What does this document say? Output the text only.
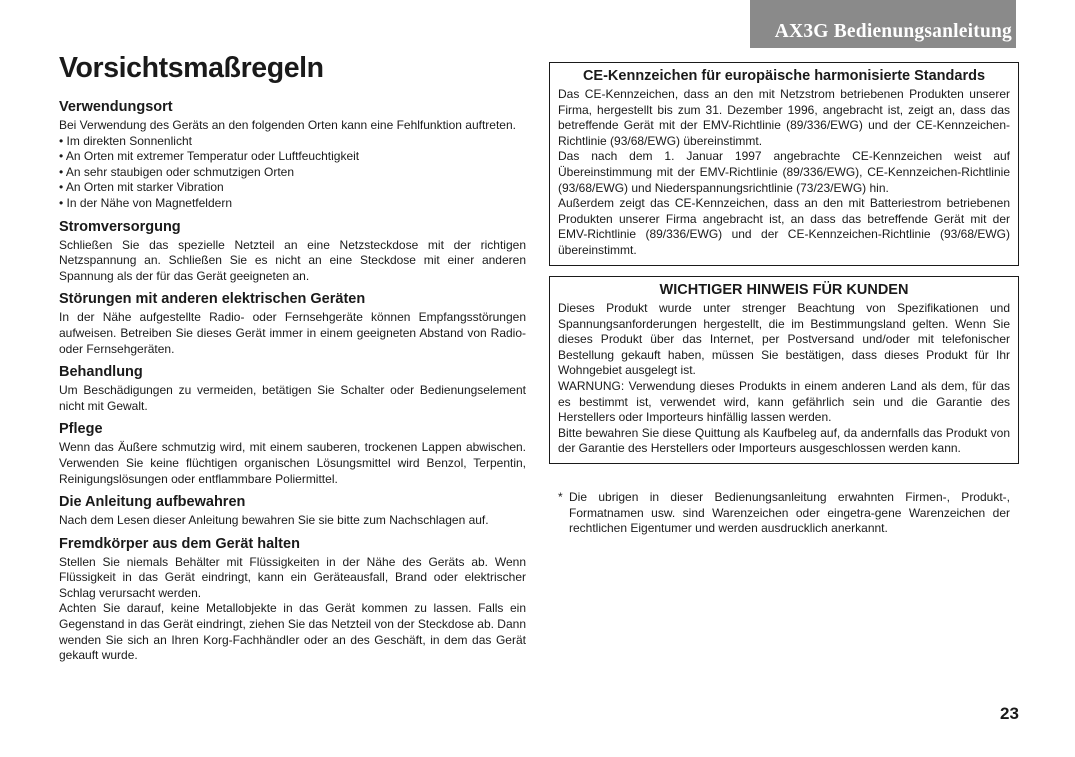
AX3G Bedienungsanleitung
Vorsichtsmaßregeln
Verwendungsort

Bei Verwendung des Geräts an den folgenden Orten kann eine Fehlfunktion auftreten.

• Im direkten Sonnenlicht
• An Orten mit extremer Temperatur oder Luftfeuchtigkeit
• An sehr staubigen oder schmutzigen Orten
• An Orten mit starker Vibration
• In der Nähe von Magnetfeldern
Stromversorgung

Schließen Sie das spezielle Netzteil an eine Netzsteckdose mit der richtigen Netzspannung an. Schließen Sie es nicht an eine Steckdose mit einer anderen Spannung als der für das Gerät geeigneten an.

Störungen mit anderen elektrischen Geräten

In der Nähe aufgestellte Radio- oder Fernsehgeräte können Empfangsstörungen aufweisen. Betreiben Sie dieses Gerät immer in einem geeigneten Abstand von Radio- oder Fernsehgeräten.

Behandlung

Um Beschädigungen zu vermeiden, betätigen Sie Schalter oder Bedienungselement nicht mit Gewalt.

Pflege

Wenn das Äußere schmutzig wird, mit einem sauberen, trockenen Lappen abwischen. Verwenden Sie keine flüchtigen organischen Lösungsmittel wird Benzol, Terpentin, Reinigungslösungen oder entflammbare Poliermittel.

Die Anleitung aufbewahren

Nach dem Lesen dieser Anleitung bewahren Sie sie bitte zum Nachschlagen auf.

Fremdkörper aus dem Gerät halten

Stellen Sie niemals Behälter mit Flüssigkeiten in der Nähe des Geräts ab. Wenn Flüssigkeit in das Gerät eindringt, kann ein Geräteausfall, Brand oder elektrischer Schlag verursacht werden.

Achten Sie darauf, keine Metallobjekte in das Gerät kommen zu lassen. Falls ein Gegenstand in das Gerät eindringt, ziehen Sie das Netzteil von der Steckdose ab. Dann wenden Sie sich an Ihren Korg-Fachhändler oder an des Geschäft, in dem das Gerät gekauft wurde.

CE-Kennzeichen für europäische harmonisierte Standards

Das CE-Kennzeichen, dass an den mit Netzstrom betriebenen Produkten unserer Firma, hergestellt bis zum 31. Dezember 1996, angebracht ist, zeigt an, dass das betreffende Gerät mit der EMV-Richtlinie (89/336/EWG) und der CE-Kennzeichen-Richtlinie (93/68/EWG) übereinstimmt.

Das nach dem 1. Januar 1997 angebrachte CE-Kennzeichen weist auf Übereinstimmung mit der EMV-Richtlinie (89/336/EWG), CE-Kennzeichen-Richtlinie (93/68/EWG) und Niederspannungsrichtlinie (73/23/EWG) hin.

Außerdem zeigt das CE-Kennzeichen, dass an den mit Batteriestrom betriebenen Produkten unserer Firma angebracht ist, an dass das betreffende Gerät mit der EMV-Richtlinie (89/336/EWG) und der CE-Kennzeichen-Richtlinie (93/68/EWG) übereinstimmt.

WICHTIGER HINWEIS FÜR KUNDEN

Dieses Produkt wurde unter strenger Beachtung von Spezifikationen und Spannungsanforderungen hergestellt, die im Bestimmungsland gelten. Wenn Sie dieses Produkt über das Internet, per Postversand und/oder mit telefonischer Bestellung gekauft haben, müssen Sie bestätigen, dass dieses Produkt für Ihr Wohngebiet ausgelegt ist.

WARNUNG: Verwendung dieses Produkts in einem anderen Land als dem, für das es bestimmt ist, verwendet wird, kann gefährlich sein und die Garantie des Herstellers oder Importeurs hinfällig lassen werden.

Bitte bewahren Sie diese Quittung als Kaufbeleg auf, da andernfalls das Produkt von der Garantie des Herstellers oder Importeurs ausgeschlossen werden kann.

* Die ubrigen in dieser Bedienungsanleitung erwahnten Firmen-, Produkt-, Formatnamen usw. sind Warenzeichen oder eingetra-gene Warenzeichen der rechtlichen Eigentumer und werden ausdrucklich anerkannt.
23
